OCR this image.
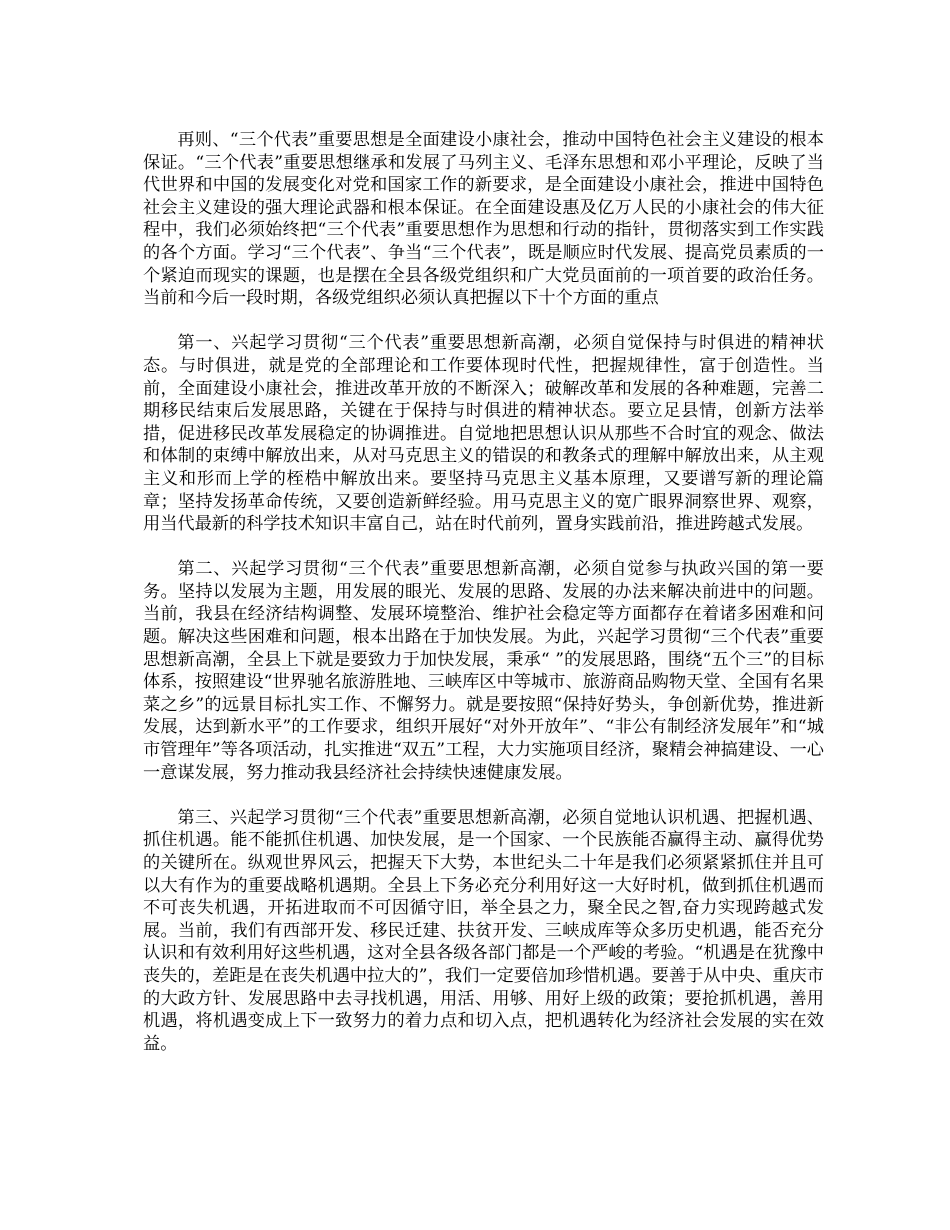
再则、“三个代表”重要思想是全面建设小康社会，推动中国特色社会主义建设的根本保证。“三个代表”重要思想继承和发展了马列主义、毛泽东思想和邓小平理论，反映了当代世界和中国的发展变化对党和国家工作的新要求，是全面建设小康社会，推进中国特色社会主义建设的强大理论武器和根本保证。在全面建设惠及亿万人民的小康社会的伟大征程中，我们必须始终把“三个代表”重要思想作为思想和行动的指针，贯彻落实到工作实践的各个方面。学习“三个代表”、争当“三个代表”，既是顺应时代发展、提高党员素质的一个紧迫而现实的课题，也是摆在全县各级党组织和广大党员面前的一项首要的政治任务。当前和今后一段时期，各级党组织必须认真把握以下十个方面的重点

第一、兴起学习贯彻“三个代表”重要思想新高潮，必须自觉保持与时俱进的精神状态。与时俱进，就是党的全部理论和工作要体现时代性，把握规律性，富于创造性。当前，全面建设小康社会，推进改革开放的不断深入；破解改革和发展的各种难题，完善二期移民结束后发展思路，关键在于保持与时俱进的精神状态。要立足县情，创新方法举措，促进移民改革发展稳定的协调推进。自觉地把思想认识从那些不合时宜的观念、做法和体制的束缚中解放出来，从对马克思主义的错误的和教条式的理解中解放出来，从主观主义和形而上学的桎梏中解放出来。要坚持马克思主义基本原理，又要谱写新的理论篇章；坚持发扬革命传统，又要创造新鲜经验。用马克思主义的宽广眼界洞察世界、观察，用当代最新的科学技术知识丰富自己，站在时代前列，置身实践前沿，推进跨越式发展。

第二、兴起学习贯彻“三个代表”重要思想新高潮，必须自觉参与执政兴国的第一要务。坚持以发展为主题，用发展的眼光、发展的思路、发展的办法来解决前进中的问题。当前，我县在经济结构调整、发展环境整治、维护社会稳定等方面都存在着诸多困难和问题。解决这些困难和问题，根本出路在于加快发展。为此，兴起学习贯彻“三个代表”重要思想新高潮，全县上下就是要致力于加快发展，秉承“ ”的发展思路，围绕“五个三”的目标体系，按照建设“世界驰名旅游胜地、三峡库区中等城市、旅游商品购物天堂、全国有名果菜之乡”的远景目标扎实工作、不懈努力。就是要按照“保持好势头，争创新优势，推进新发展，达到新水平”的工作要求，组织开展好“对外开放年”、“非公有制经济发展年”和“城市管理年”等各项活动，扎实推进“双五”工程，大力实施项目经济，聚精会神搞建设、一心一意谋发展，努力推动我县经济社会持续快速健康发展。

第三、兴起学习贯彻“三个代表”重要思想新高潮，必须自觉地认识机遇、把握机遇、抓住机遇。能不能抓住机遇、加快发展，是一个国家、一个民族能否赢得主动、赢得优势的关键所在。纵观世界风云，把握天下大势，本世纪头二十年是我们必须紧紧抓住并且可以大有作为的重要战略机遇期。全县上下务必充分利用好这一大好时机，做到抓住机遇而不可丧失机遇，开拓进取而不可因循守旧，举全县之力，聚全民之智,奋力实现跨越式发展。当前，我们有西部开发、移民迁建、扶贫开发、三峡成库等众多历史机遇，能否充分认识和有效利用好这些机遇，这对全县各级各部门都是一个严峻的考验。“机遇是在犹豫中丧失的，差距是在丧失机遇中拉大的”，我们一定要倍加珍惜机遇。要善于从中央、重庆市的大政方针、发展思路中去寻找机遇，用活、用够、用好上级的政策；要抢抓机遇，善用机遇，将机遇变成上下一致努力的着力点和切入点，把机遇转化为经济社会发展的实在效益。
